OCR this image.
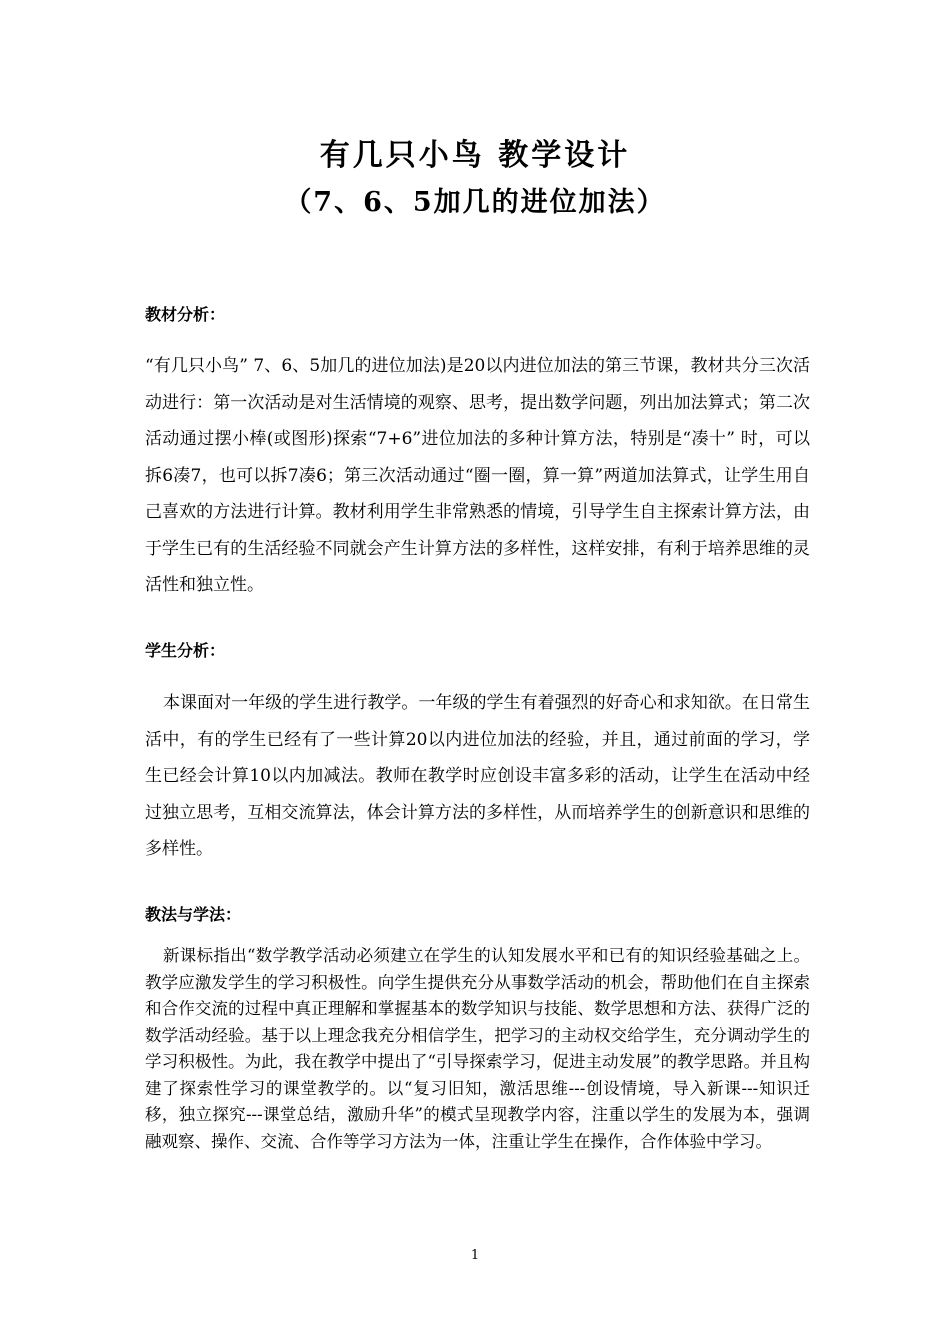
有几只小鸟 教学设计
（7、6、5加几的进位加法）
教材分析：
“有几只小鸟” 7、6、5加几的进位加法)是20以内进位加法的第三节课，教材共分三次活动进行：第一次活动是对生活情境的观察、思考，提出数学问题，列出加法算式；第二次活动通过摆小棒(或图形)探索“7+6”进位加法的多种计算方法，特别是“凑十” 时，可以拆6凑7，也可以拆7凑6；第三次活动通过“圈一圈，算一算”两道加法算式，让学生用自己喜欢的方法进行计算。教材利用学生非常熟悉的情境，引导学生自主探索计算方法，由于学生已有的生活经验不同就会产生计算方法的多样性，这样安排，有利于培养思维的灵活性和独立性。
学生分析：
本课面对一年级的学生进行教学。一年级的学生有着强烈的好奇心和求知欲。在日常生活中，有的学生已经有了一些计算20以内进位加法的经验，并且，通过前面的学习，学生已经会计算10以内加减法。教师在教学时应创设丰富多彩的活动，让学生在活动中经过独立思考，互相交流算法，体会计算方法的多样性，从而培养学生的创新意识和思维的多样性。
教法与学法：
新课标指出“数学教学活动必须建立在学生的认知发展水平和已有的知识经验基础之上。教学应激发学生的学习积极性。向学生提供充分从事数学活动的机会，帮助他们在自主探索和合作交流的过程中真正理解和掌握基本的数学知识与技能、数学思想和方法、获得广泛的数学活动经验。基于以上理念我充分相信学生，把学习的主动权交给学生，充分调动学生的学习积极性。为此，我在教学中提出了“引导探索学习，促进主动发展”的教学思路。并且构建了探索性学习的课堂教学的。以“复习旧知，激活思维---创设情境，导入新课---知识迁移，独立探究---课堂总结，激励升华”的模式呈现教学内容，注重以学生的发展为本，强调融观察、操作、交流、合作等学习方法为一体，注重让学生在操作，合作体验中学习。
1
